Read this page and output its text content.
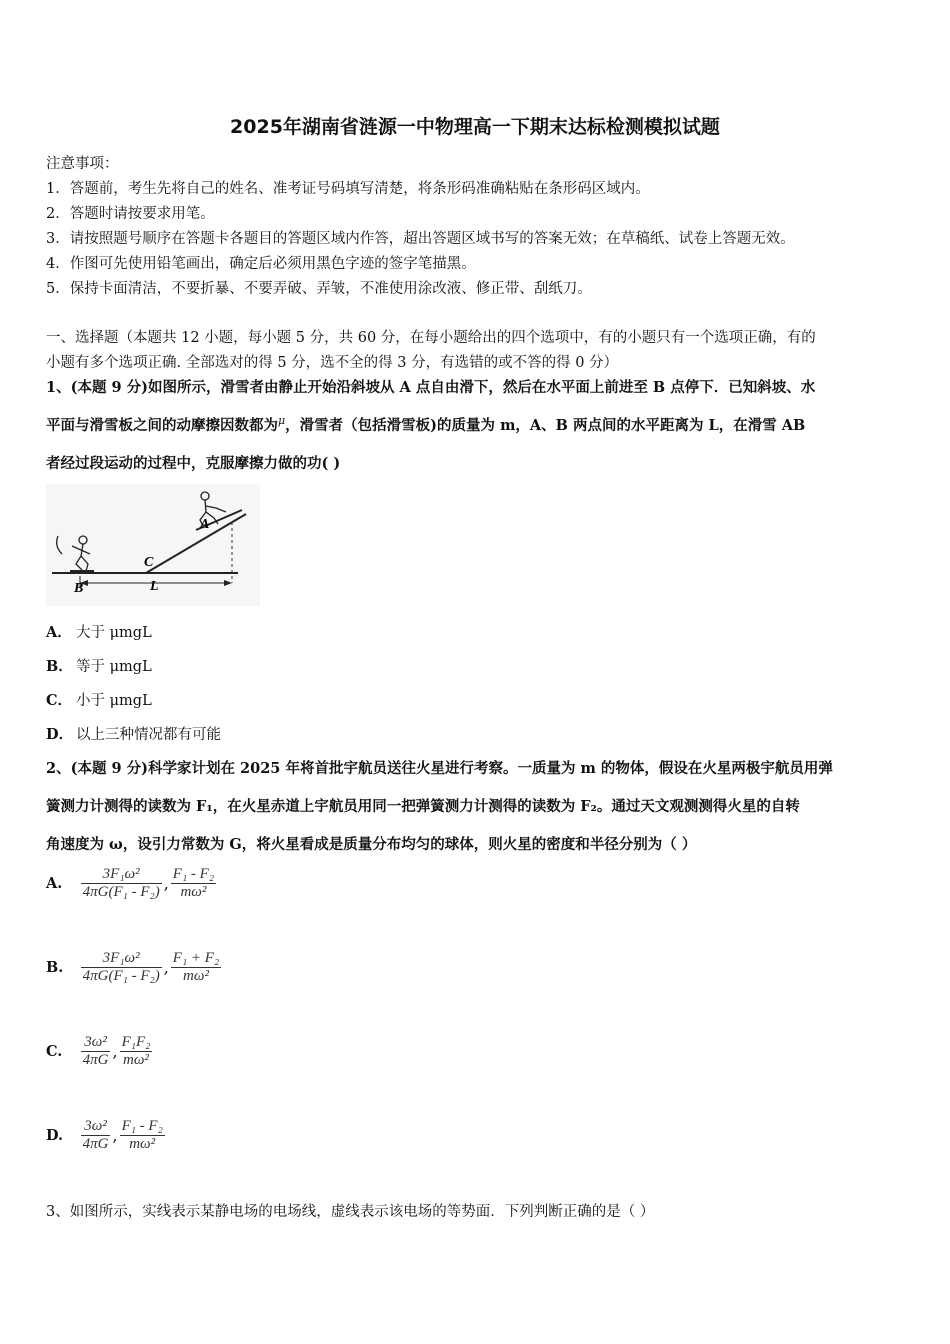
2025年湖南省涟源一中物理高一下期末达标检测模拟试题
注意事项：
1．答题前，考生先将自己的姓名、准考证号码填写清楚，将条形码准确粘贴在条形码区域内。
2．答题时请按要求用笔。
3．请按照题号顺序在答题卡各题目的答题区域内作答，超出答题区域书写的答案无效；在草稿纸、试卷上答题无效。
4．作图可先使用铅笔画出，确定后必须用黑色字迹的签字笔描黑。
5．保持卡面清洁，不要折暴、不要弄破、弄皱，不准使用涂改液、修正带、刮纸刀。
一、选择题（本题共 12 小题，每小题 5 分，共 60 分，在每小题给出的四个选项中，有的小题只有一个选项正确，有的
小题有多个选项正确. 全部选对的得 5 分，选不全的得 3 分，有选错的或不答的得 0 分）
1、(本题 9 分)如图所示，滑雪者由静止开始沿斜坡从 A 点自由滑下，然后在水平面上前进至 B 点停下．已知斜坡、水
平面与滑雪板之间的动摩擦因数都为$^\mu$，滑雪者（包括滑雪板)的质量为 m，A、B 两点间的水平距离为 L，在滑雪 AB
者经过段运动的过程中，克服摩擦力做的功( )
A
B
C
L
A． 大于 μmgL
B． 等于 μmgL
C． 小于 μmgL
D． 以上三种情况都有可能
2、(本题 9 分)科学家计划在 2025 年将首批宇航员送往火星进行考察。一质量为 m 的物体，假设在火星两极宇航员用弹
簧测力计测得的读数为 F₁，在火星赤道上宇航员用同一把弹簧测力计测得的读数为 F₂。通过天文观测测得火星的自转
角速度为 ω，设引力常数为 G，将火星看成是质量分布均匀的球体，则火星的密度和半径分别为（ ）
A. $\frac{\text{3F₁ω²}}{\text{4πG(F₁ - F₂)}}$ , $\frac{\text{F₁ - F₂}}{\text{mω²}}$
B. $\frac{\text{3F₁ω²}}{\text{4πG(F₁ - F₂)}}$ , $\frac{\text{F₁ + F₂}}{\text{mω²}}$
C. $\frac{\text{3ω²}}{4\pi G}$ , $\frac{\text{F₁F₂}}{\text{mω²}}$
D. $\frac{\text{3ω²}}{4\pi G}$ , $\frac{\text{F₁ - F₂}}{\text{mω²}}$
3、如图所示，实线表示某静电场的电场线，虚线表示该电场的等势面．下列判断正确的是（ ）
